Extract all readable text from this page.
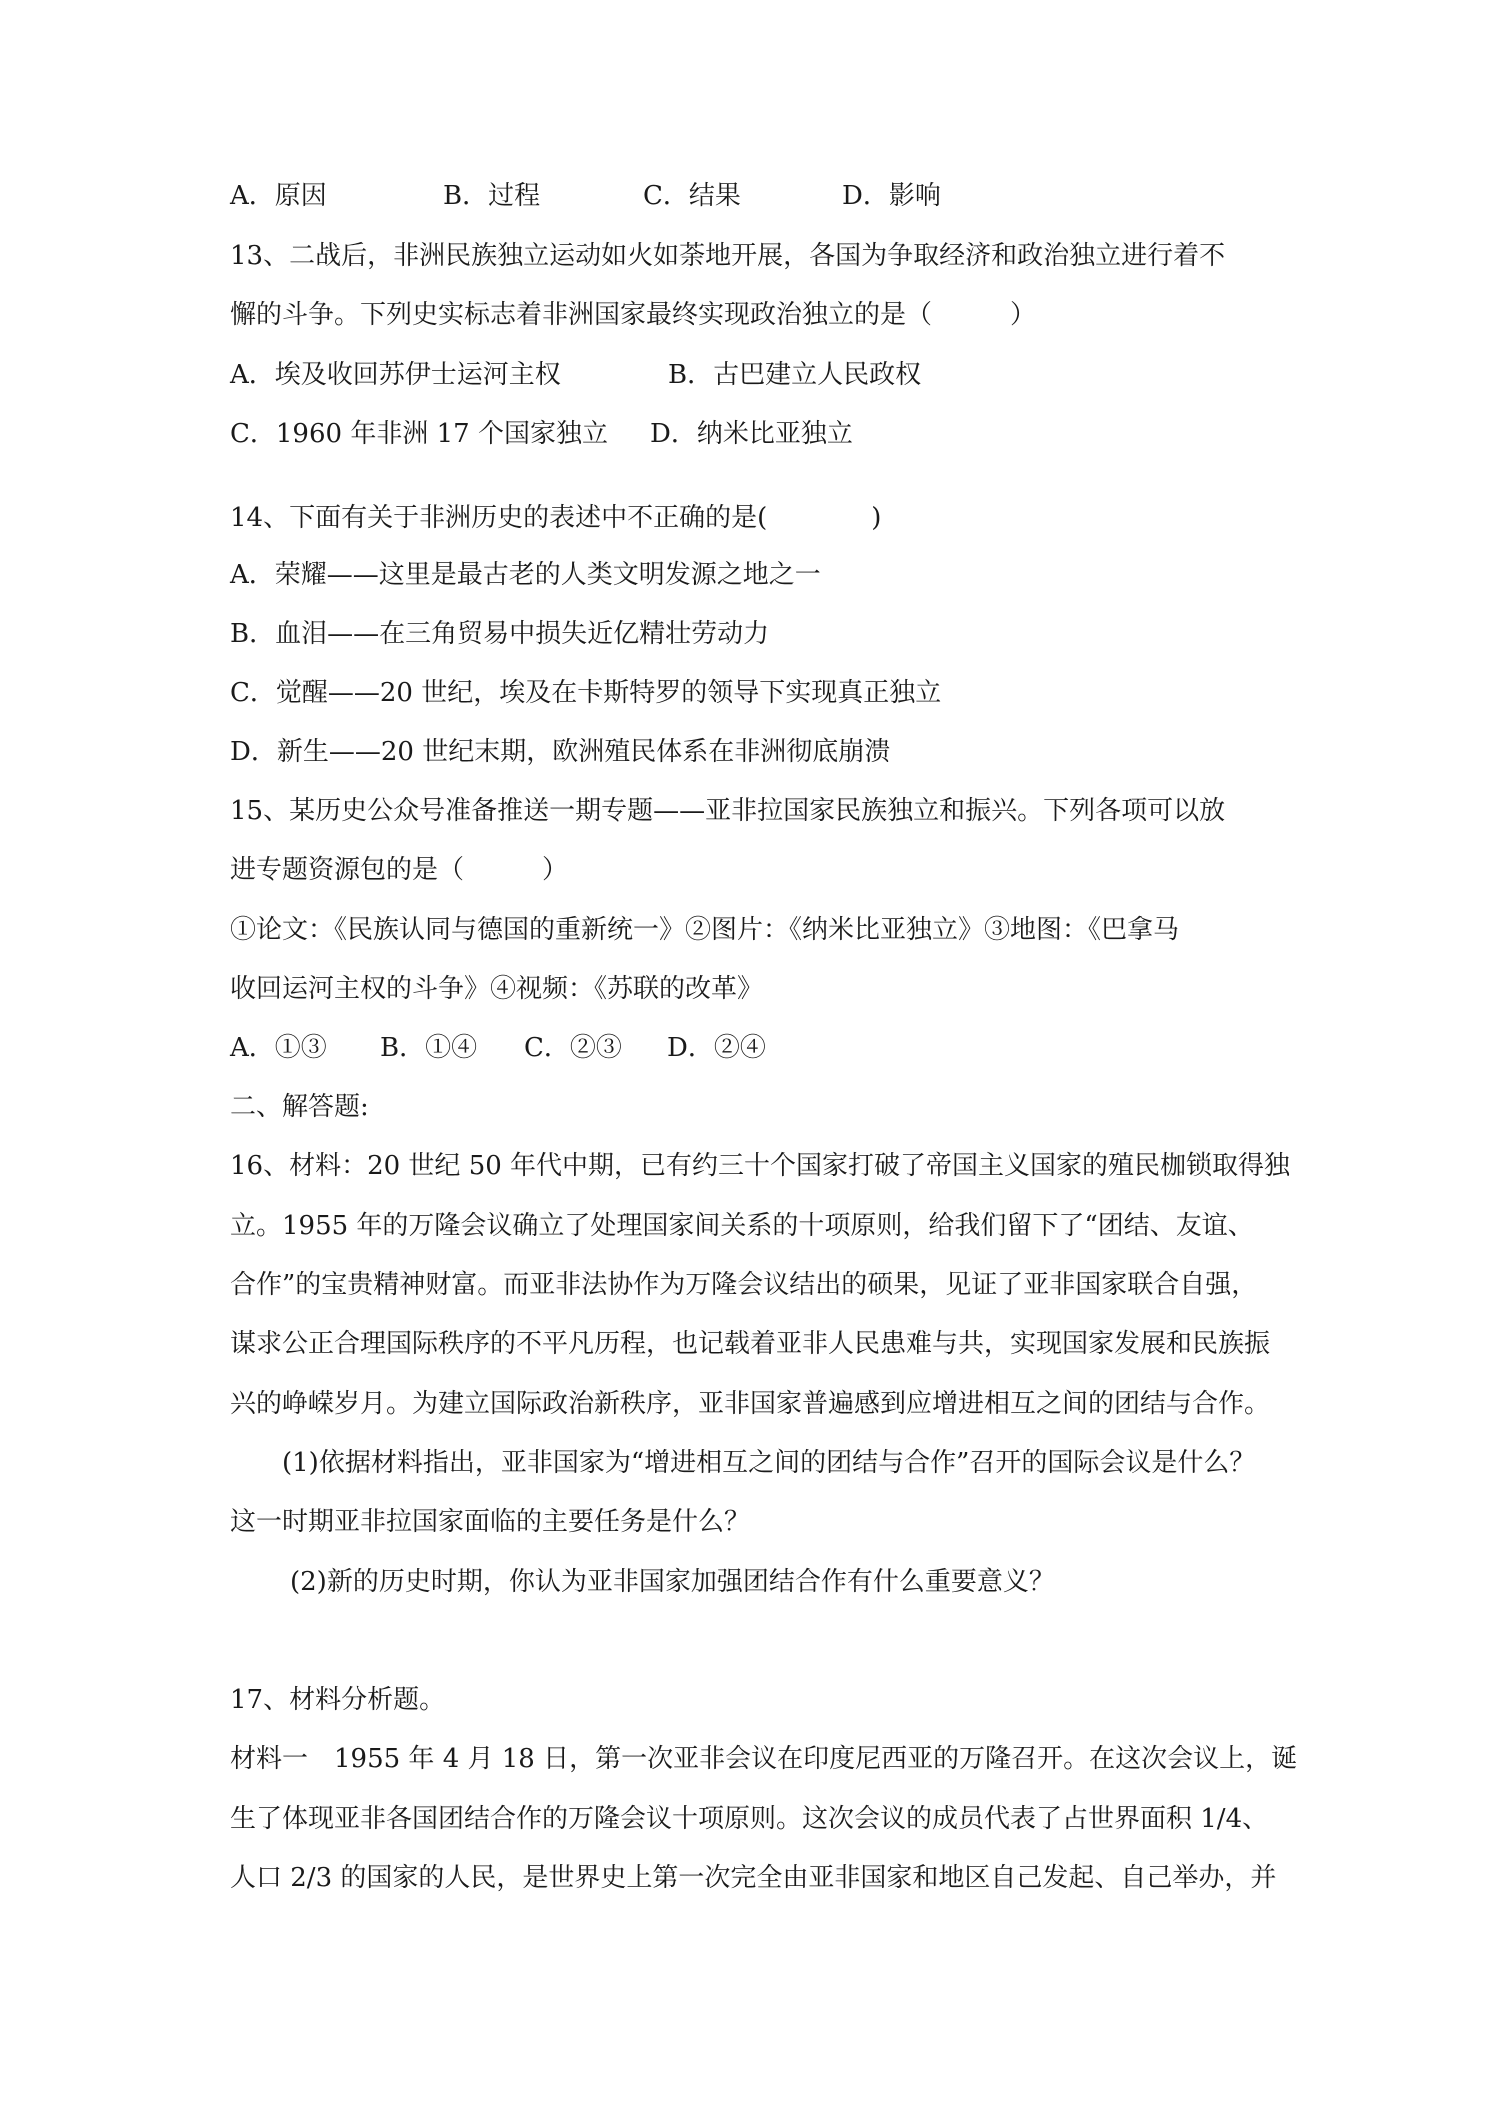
A．原因	B．过程	C．结果	D．影响
13、二战后，非洲民族独立运动如火如荼地开展，各国为争取经济和政治独立进行着不
懈的斗争。下列史实标志着非洲国家最终实现政治独立的是（　　　）
A．埃及收回苏伊士运河主权	B．古巴建立人民政权
C．1960 年非洲 17 个国家独立 D．纳米比亚独立
14、下面有关于非洲历史的表述中不正确的是(　　　　)
A．荣耀——这里是最古老的人类文明发源之地之一
B．血泪——在三角贸易中损失近亿精壮劳动力
C．觉醒——20 世纪，埃及在卡斯特罗的领导下实现真正独立
D．新生——20 世纪末期，欧洲殖民体系在非洲彻底崩溃
15、某历史公众号准备推送一期专题——亚非拉国家民族独立和振兴。下列各项可以放
进专题资源包的是（　　　）
①论文：《民族认同与德国的重新统一》②图片：《纳米比亚独立》③地图：《巴拿马
收回运河主权的斗争》④视频：《苏联的改革》
A．①③ B．①④ C．②③ D．②④
二、解答题:
16、材料：20 世纪 50 年代中期，已有约三十个国家打破了帝国主义国家的殖民枷锁取得独
立。1955 年的万隆会议确立了处理国家间关系的十项原则，给我们留下了“团结、友谊、
合作”的宝贵精神财富。而亚非法协作为万隆会议结出的硕果，见证了亚非国家联合自强，
谋求公正合理国际秩序的不平凡历程，也记载着亚非人民患难与共，实现国家发展和民族振
兴的峥嵘岁月。为建立国际政治新秩序，亚非国家普遍感到应增进相互之间的团结与合作。
(1)依据材料指出，亚非国家为“增进相互之间的团结与合作”召开的国际会议是什么？
这一时期亚非拉国家面临的主要任务是什么？
(2)新的历史时期，你认为亚非国家加强团结合作有什么重要意义？
17、材料分析题。
材料一　1955 年 4 月 18 日，第一次亚非会议在印度尼西亚的万隆召开。在这次会议上，诞
生了体现亚非各国团结合作的万隆会议十项原则。这次会议的成员代表了占世界面积 1/4、
人口 2/3 的国家的人民，是世界史上第一次完全由亚非国家和地区自己发起、自己举办，并
